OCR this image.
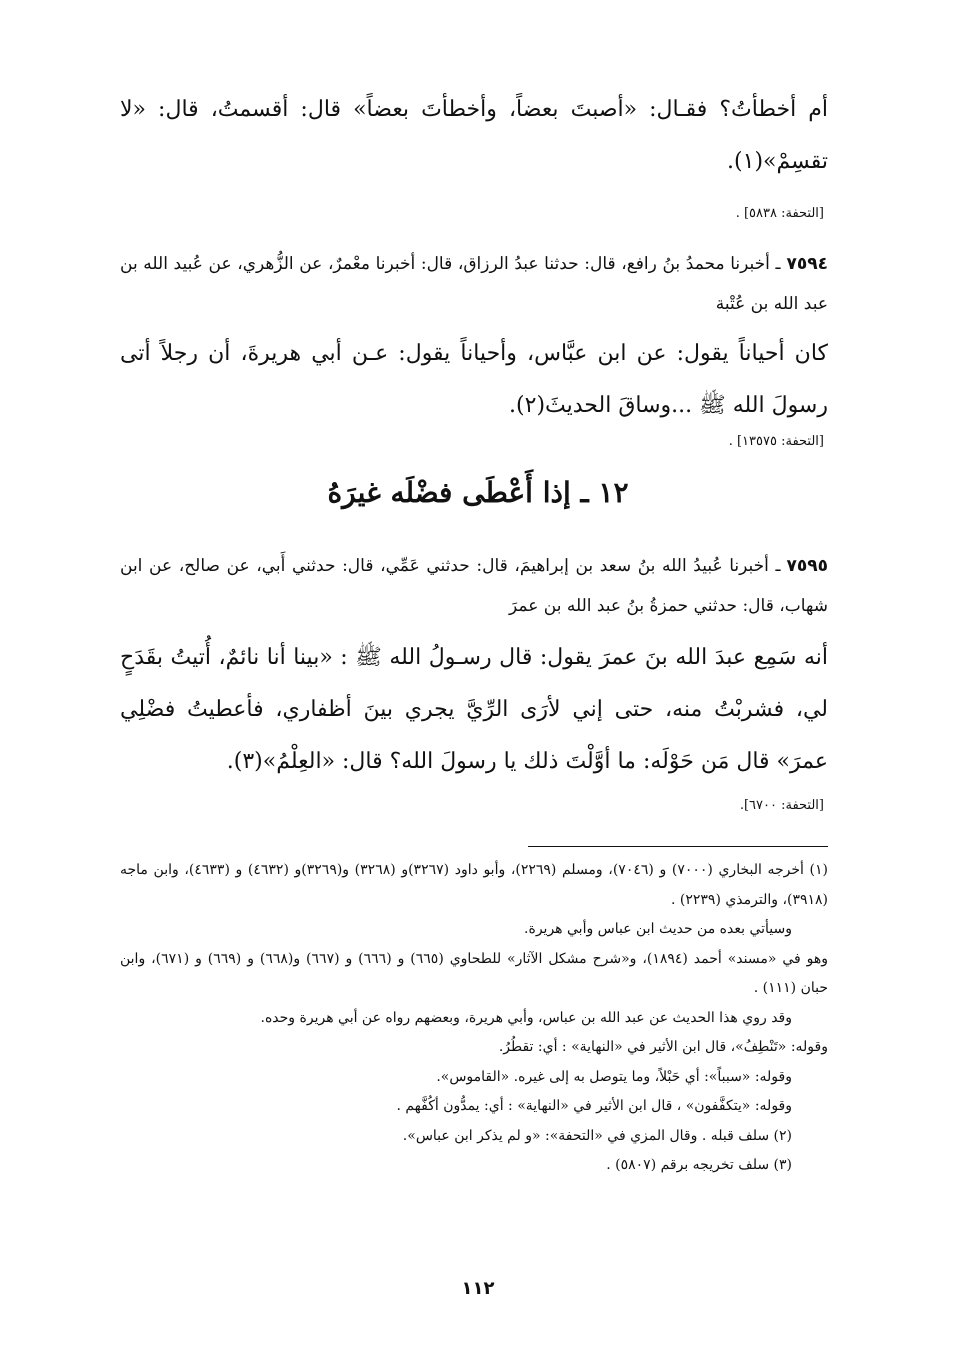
أم أخطأتُ؟ فقـال: «أصبتَ بعضاً، وأخطأتَ بعضاً» قال: أقسمتُ، قال: «لا تقسِمْ»(١).
[التحفة: ٥٨٣٨] .
٧٥٩٤ـ أخبرنا محمدُ بنُ رافع، قال: حدثنا عبدُ الرزاق، قال: أخبرنا معْمرٌ، عن الزُّهري، عن عُبيد الله بن عبد الله بن عُتْبة
كان أحياناً يقول: عن ابن عبَّاس، وأحياناً يقول: عـن أبي هريرةَ، أن رجلاً أتى رسولَ الله ﷺ ...وساقَ الحديثَ(٢).
[التحفة: ١٣٥٧٥] .
١٢ ـ إذا أَعْطَى فضْلَه غيرَهُ
٧٥٩٥ـ أخبرنا عُبيدُ الله بنُ سعد بن إبراهيمَ، قال: حدثني عَمِّي، قال: حدثني أَبي، عن صالح، عن ابن شهاب، قال: حدثني حمزةُ بنُ عبد الله بن عمرَ
أنه سَمِع عبدَ الله بنَ عمرَ يقول: قال رسـولُ الله ﷺ : «بينا أنا نائمٌ، أُتيتُ بقَدَحٍ لي، فشربْتُ منه، حتى إني لأرَى الرِّيَّ يجري بينَ أظفاري، فأعطيتُ فضْلِي عمرَ» قال مَن حَوْلَه: ما أوَّلْتَ ذلك يا رسولَ الله؟ قال: «العِلْمُ»(٣).
[التحفة: ٦٧٠٠].
(١) أخرجه البخاري (٧٠٠٠) و (٧٠٤٦)، ومسلم (٢٢٦٩)، وأبو داود (٣٢٦٧)و (٣٢٦٨) و(٣٢٦٩)و (٤٦٣٢) و (٤٦٣٣)، وابن ماجه (٣٩١٨)، والترمذي (٢٢٣٩) .
وسيأتي بعده من حديث ابن عباس وأبي هريرة.
وهو في «مسند» أحمد (١٨٩٤)، و«شرح مشكل الآثار» للطحاوي (٦٦٥) و (٦٦٦) و (٦٦٧) و(٦٦٨) و (٦٦٩) و (٦٧١)، وابن حبان (١١١) .
وقد روي هذا الحديث عن عبد الله بن عباس، وأبي هريرة، وبعضهم رواه عن أبي هريرة وحده.
وقوله: «تَنْطِفُ»، قال ابن الأثير في «النهاية» : أي: تقطُرُ.
وقوله: «سبباً»: أي حَبْلاً، وما يتوصل به إلى غيره. «القاموس».
وقوله: «يتكفَّفون» ، قال ابن الأثير في «النهاية» : أي: يمدُّون أكُفَّهم .
(٢) سلف قبله . وقال المزي في «التحفة»: «و لم يذكر ابن عباس».
(٣) سلف تخريجه برقم (٥٨٠٧) .
١١٢
